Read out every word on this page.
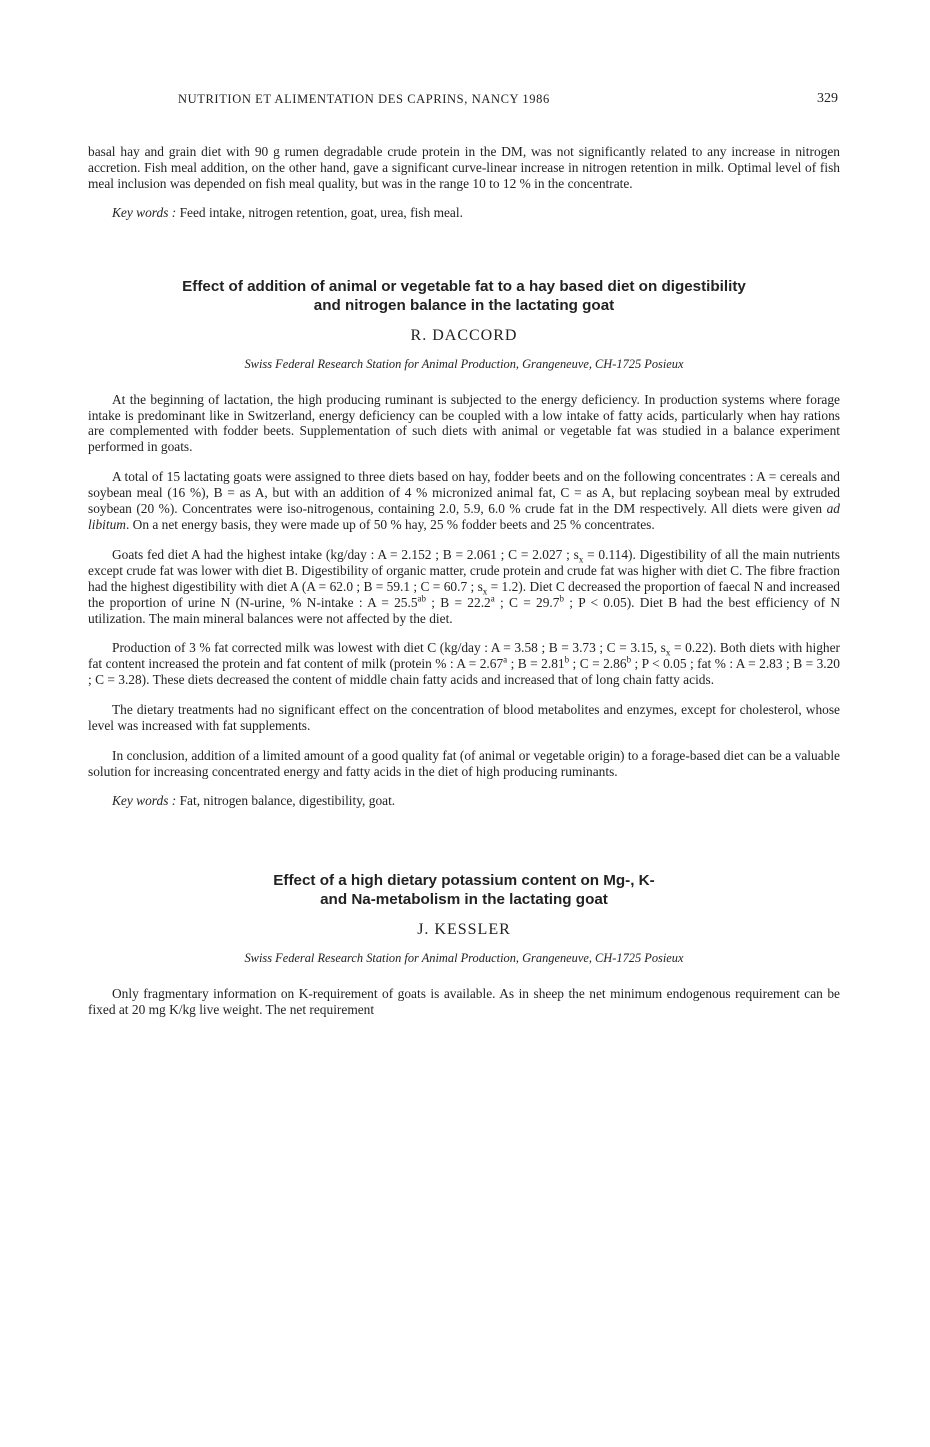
NUTRITION ET ALIMENTATION DES CAPRINS, NANCY 1986	329

basal hay and grain diet with 90 g rumen degradable crude protein in the DM, was not significantly related to any increase in nitrogen accretion. Fish meal addition, on the other hand, gave a significant curve-linear increase in nitrogen retention in milk. Optimal level of fish meal inclusion was depended on fish meal quality, but was in the range 10 to 12 % in the concentrate.

Key words : Feed intake, nitrogen retention, goat, urea, fish meal.

Effect of addition of animal or vegetable fat to a hay based diet on digestibility
and nitrogen balance in the lactating goat
R. DACCORD
Swiss Federal Research Station for Animal Production, Grangeneuve, CH-1725 Posieux

At the beginning of lactation, the high producing ruminant is subjected to the energy deficiency. In production systems where forage intake is predominant like in Switzerland, energy deficiency can be coupled with a low intake of fatty acids, particularly when hay rations are complemented with fodder beets. Supplementation of such diets with animal or vegetable fat was studied in a balance experiment performed in goats.

A total of 15 lactating goats were assigned to three diets based on hay, fodder beets and on the following concentrates : A = cereals and soybean meal (16 %), B = as A, but with an addition of 4 % micronized animal fat, C = as A, but replacing soybean meal by extruded soybean (20 %). Concentrates were iso-nitrogenous, containing 2.0, 5.9, 6.0 % crude fat in the DM respectively. All diets were given ad libitum. On a net energy basis, they were made up of 50 % hay, 25 % fodder beets and 25 % concentrates.

Goats fed diet A had the highest intake (kg/day : A = 2.152 ; B = 2.061 ; C = 2.027 ; $s_x = 0.114$). Digestibility of all the main nutrients except crude fat was lower with diet B. Digestibility of organic matter, crude protein and crude fat was higher with diet C. The fibre fraction had the highest digestibility with diet A (A = 62.0 ; B = 59.1 ; C = 60.7 ; $s_x = 1.2$). Diet C decreased the proportion of faecal N and increased the proportion of urine N (N-urine, % N-intake : A = 25.5$^{ab}$ ; B = 22.2$^a$ ; C = 29.7$^b$ ; P < 0.05). Diet B had the best efficiency of N utilization. The main mineral balances were not affected by the diet.

Production of 3 % fat corrected milk was lowest with diet C (kg/day : A = 3.58 ; B = 3.73 ; C = 3.15, $s_x = 0.22$). Both diets with higher fat content increased the protein and fat content of milk (protein % : A = 2.67$^a$ ; B = 2.81$^b$ ; C = 2.86$^b$ ; P < 0.05 ; fat % : A = 2.83 ; B = 3.20 ; C = 3.28). These diets decreased the content of middle chain fatty acids and increased that of long chain fatty acids.

The dietary treatments had no significant effect on the concentration of blood metabolites and enzymes, except for cholesterol, whose level was increased with fat supplements.

In conclusion, addition of a limited amount of a good quality fat (of animal or vegetable origin) to a forage-based diet can be a valuable solution for increasing concentrated energy and fatty acids in the diet of high producing ruminants.

Key words : Fat, nitrogen balance, digestibility, goat.

Effect of a high dietary potassium content on Mg-, K-
and Na-metabolism in the lactating goat
J. KESSLER
Swiss Federal Research Station for Animal Production, Grangeneuve, CH-1725 Posieux

Only fragmentary information on K-requirement of goats is available. As in sheep the net minimum endogenous requirement can be fixed at 20 mg K/kg live weight. The net requirement
